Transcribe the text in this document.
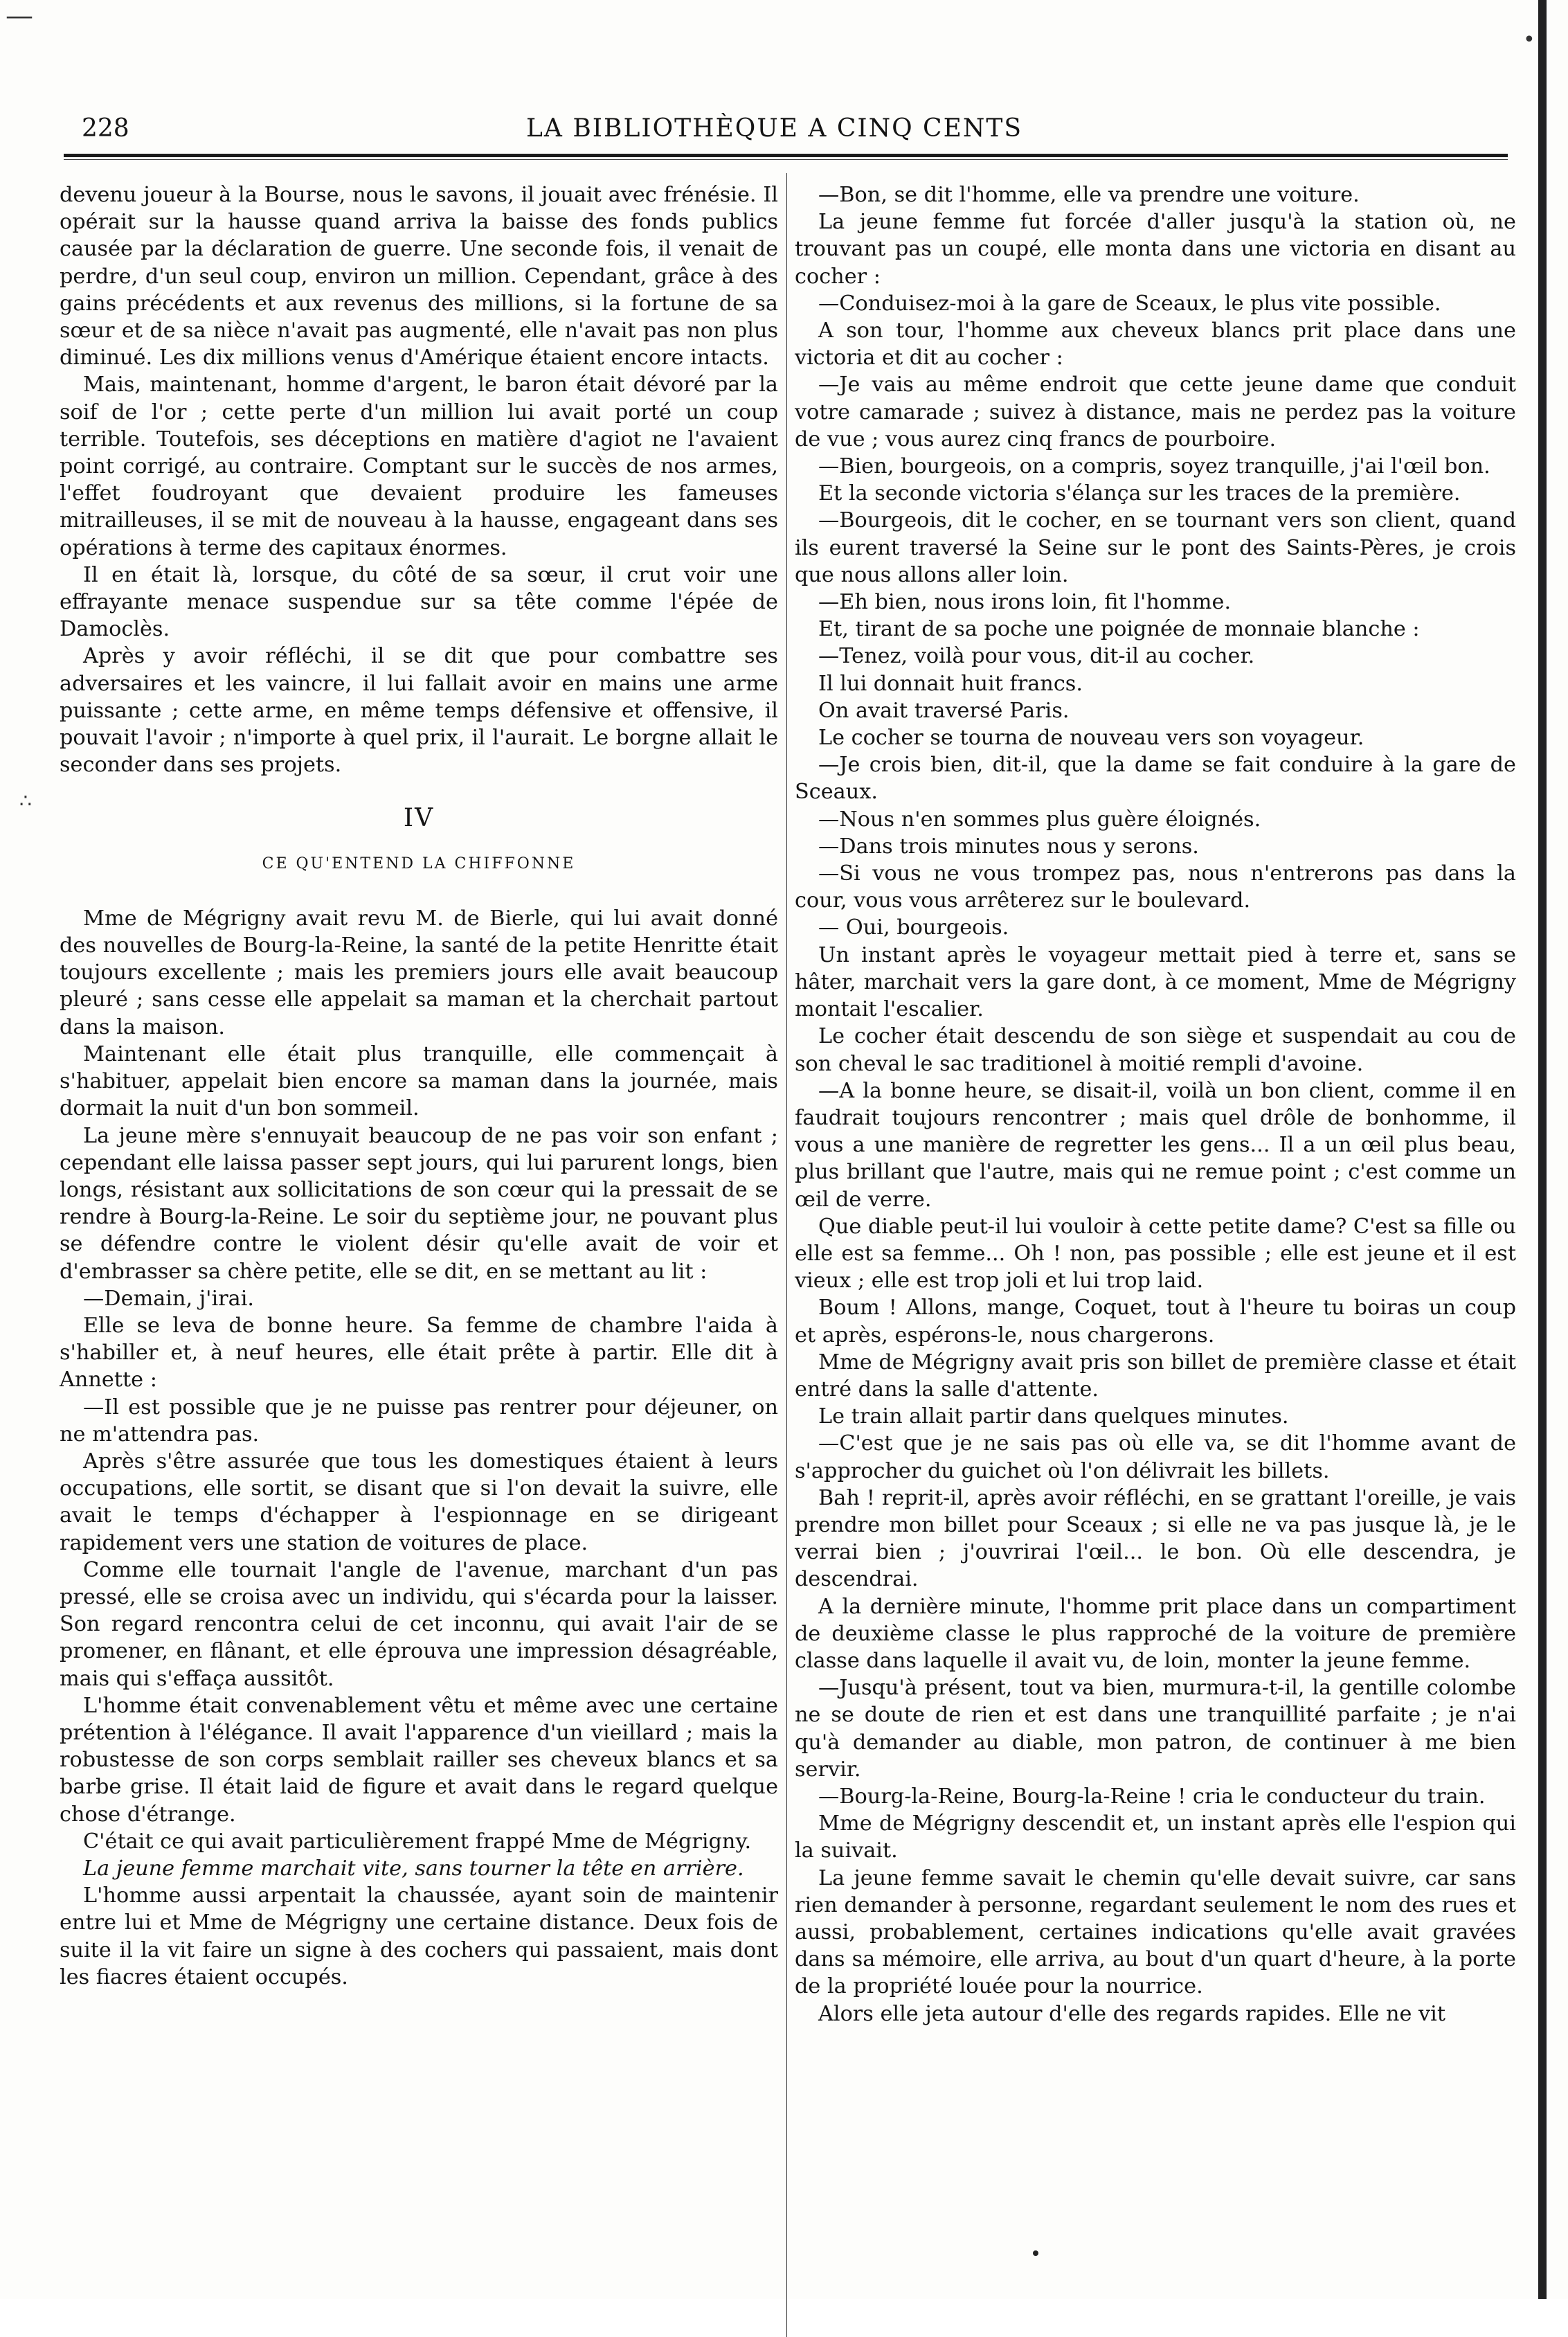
—
•
∴
228	LA BIBLIOTHÈQUE A CINQ CENTS

devenu joueur à la Bourse, nous le savons, il jouait avec frénésie. Il opérait sur la hausse quand arriva la baisse des fonds publics causée par la déclaration de guerre. Une seconde fois, il venait de perdre, d'un seul coup, environ un million. Cependant, grâce à des gains précédents et aux revenus des millions, si la fortune de sa sœur et de sa nièce n'avait pas augmenté, elle n'avait pas non plus diminué. Les dix millions venus d'Amérique étaient encore intacts.

Mais, maintenant, homme d'argent, le baron était dévoré par la soif de l'or ; cette perte d'un million lui avait porté un coup terrible. Toutefois, ses déceptions en matière d'agiot ne l'avaient point corrigé, au contraire. Comptant sur le succès de nos armes, l'effet foudroyant que devaient produire les fameuses mitrailleuses, il se mit de nouveau à la hausse, engageant dans ses opérations à terme des capitaux énormes.

Il en était là, lorsque, du côté de sa sœur, il crut voir une effrayante menace suspendue sur sa tête comme l'épée de Damoclès.

Après y avoir réfléchi, il se dit que pour combattre ses adversaires et les vaincre, il lui fallait avoir en mains une arme puissante ; cette arme, en même temps défensive et offensive, il pouvait l'avoir ; n'importe à quel prix, il l'aurait. Le borgne allait le seconder dans ses projets.

IV
CE QU'ENTEND LA CHIFFONNE

Mme de Mégrigny avait revu M. de Bierle, qui lui avait donné des nouvelles de Bourg-la-Reine, la santé de la petite Henritte était toujours excellente ; mais les premiers jours elle avait beaucoup pleuré ; sans cesse elle appelait sa maman et la cherchait partout dans la maison.

Maintenant elle était plus tranquille, elle commençait à s'habituer, appelait bien encore sa maman dans la journée, mais dormait la nuit d'un bon sommeil.

La jeune mère s'ennuyait beaucoup de ne pas voir son enfant ; cependant elle laissa passer sept jours, qui lui parurent longs, bien longs, résistant aux sollicitations de son cœur qui la pressait de se rendre à Bourg-la-Reine. Le soir du septième jour, ne pouvant plus se défendre contre le violent désir qu'elle avait de voir et d'embrasser sa chère petite, elle se dit, en se mettant au lit :

—Demain, j'irai.

Elle se leva de bonne heure. Sa femme de chambre l'aida à s'habiller et, à neuf heures, elle était prête à partir. Elle dit à Annette :

—Il est possible que je ne puisse pas rentrer pour déjeuner, on ne m'attendra pas.

Après s'être assurée que tous les domestiques étaient à leurs occupations, elle sortit, se disant que si l'on devait la suivre, elle avait le temps d'échapper à l'espionnage en se dirigeant rapidement vers une station de voitures de place.

Comme elle tournait l'angle de l'avenue, marchant d'un pas pressé, elle se croisa avec un individu, qui s'écarda pour la laisser. Son regard rencontra celui de cet inconnu, qui avait l'air de se promener, en flânant, et elle éprouva une impression désagréable, mais qui s'effaça aussitôt.

L'homme était convenablement vêtu et même avec une certaine prétention à l'élégance. Il avait l'apparence d'un vieillard ; mais la robustesse de son corps semblait railler ses cheveux blancs et sa barbe grise. Il était laid de figure et avait dans le regard quelque chose d'étrange.

C'était ce qui avait particulièrement frappé Mme de Mégrigny.

La jeune femme marchait vite, sans tourner la tête en arrière.

L'homme aussi arpentait la chaussée, ayant soin de maintenir entre lui et Mme de Mégrigny une certaine distance. Deux fois de suite il la vit faire un signe à des cochers qui passaient, mais dont les fiacres étaient occupés.

—Bon, se dit l'homme, elle va prendre une voiture.

La jeune femme fut forcée d'aller jusqu'à la station où, ne trouvant pas un coupé, elle monta dans une victoria en disant au cocher :

—Conduisez-moi à la gare de Sceaux, le plus vite possible.

A son tour, l'homme aux cheveux blancs prit place dans une victoria et dit au cocher :

—Je vais au même endroit que cette jeune dame que conduit votre camarade ; suivez à distance, mais ne perdez pas la voiture de vue ; vous aurez cinq francs de pourboire.

—Bien, bourgeois, on a compris, soyez tranquille, j'ai l'œil bon.

Et la seconde victoria s'élança sur les traces de la première.

—Bourgeois, dit le cocher, en se tournant vers son client, quand ils eurent traversé la Seine sur le pont des Saints-Pères, je crois que nous allons aller loin.

—Eh bien, nous irons loin, fit l'homme.

Et, tirant de sa poche une poignée de monnaie blanche :

—Tenez, voilà pour vous, dit-il au cocher.

Il lui donnait huit francs.

On avait traversé Paris.

Le cocher se tourna de nouveau vers son voyageur.

—Je crois bien, dit-il, que la dame se fait conduire à la gare de Sceaux.

—Nous n'en sommes plus guère éloignés.

—Dans trois minutes nous y serons.

—Si vous ne vous trompez pas, nous n'entrerons pas dans la cour, vous vous arrêterez sur le boulevard.

— Oui, bourgeois.

Un instant après le voyageur mettait pied à terre et, sans se hâter, marchait vers la gare dont, à ce moment, Mme de Mégrigny montait l'escalier.

Le cocher était descendu de son siège et suspendait au cou de son cheval le sac traditionel à moitié rempli d'avoine.

—A la bonne heure, se disait-il, voilà un bon client, comme il en faudrait toujours rencontrer ; mais quel drôle de bonhomme, il vous a une manière de regretter les gens... Il a un œil plus beau, plus brillant que l'autre, mais qui ne remue point ; c'est comme un œil de verre.

Que diable peut-il lui vouloir à cette petite dame? C'est sa fille ou elle est sa femme... Oh ! non, pas possible ; elle est jeune et il est vieux ; elle est trop joli et lui trop laid.

Boum ! Allons, mange, Coquet, tout à l'heure tu boiras un coup et après, espérons-le, nous chargerons.

Mme de Mégrigny avait pris son billet de première classe et était entré dans la salle d'attente.

Le train allait partir dans quelques minutes.

—C'est que je ne sais pas où elle va, se dit l'homme avant de s'approcher du guichet où l'on délivrait les billets.

Bah ! reprit-il, après avoir réfléchi, en se grattant l'oreille, je vais prendre mon billet pour Sceaux ; si elle ne va pas jusque là, je le verrai bien ; j'ouvrirai l'œil... le bon. Où elle descendra, je descendrai.

A la dernière minute, l'homme prit place dans un compartiment de deuxième classe le plus rapproché de la voiture de première classe dans laquelle il avait vu, de loin, monter la jeune femme.

—Jusqu'à présent, tout va bien, murmura-t-il, la gentille colombe ne se doute de rien et est dans une tranquillité parfaite ; je n'ai qu'à demander au diable, mon patron, de continuer à me bien servir.

—Bourg-la-Reine, Bourg-la-Reine ! cria le conducteur du train.

Mme de Mégrigny descendit et, un instant après elle l'espion qui la suivait.

La jeune femme savait le chemin qu'elle devait suivre, car sans rien demander à personne, regardant seulement le nom des rues et aussi, probablement, certaines indications qu'elle avait gravées dans sa mémoire, elle arriva, au bout d'un quart d'heure, à la porte de la propriété louée pour la nourrice.

Alors elle jeta autour d'elle des regards rapides. Elle ne vit
